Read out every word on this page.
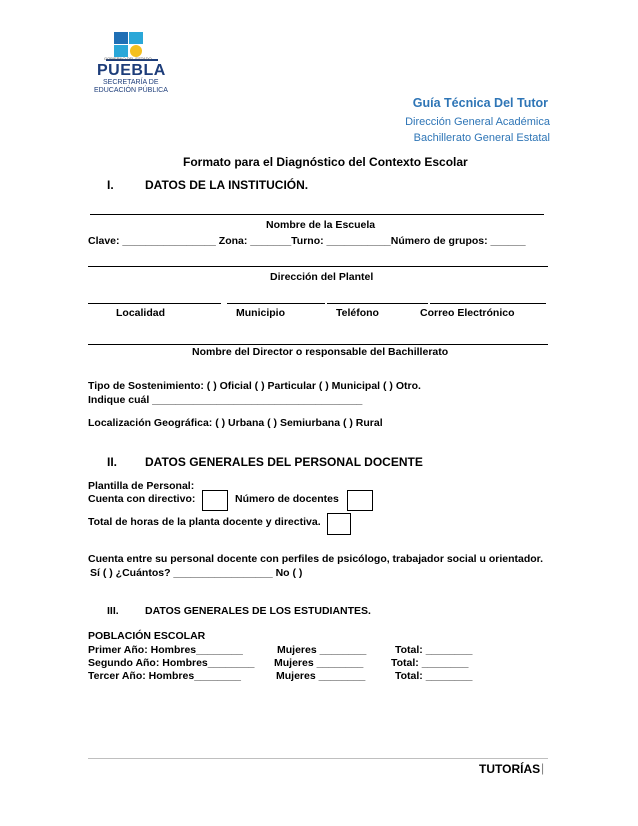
GOBIERNO DEL ESTADO
PUEBLA
SECRETARÍA DE
EDUCACIÓN PÚBLICA
Guía Técnica Del Tutor
Dirección General Académica
Bachillerato General Estatal
Formato para el Diagnóstico del Contexto Escolar
I.	DATOS DE LA INSTITUCIÓN.
Nombre de la Escuela
Clave: ________________ Zona: _______Turno: ___________Número de grupos: ______
Dirección del Plantel
Localidad	Municipio	Teléfono	Correo Electrónico
Nombre del Director o responsable del Bachillerato
Tipo de Sostenimiento: ( ) Oficial ( ) Particular ( ) Municipal ( ) Otro.
Indique cuál ____________________________________
Localización Geográfica: ( ) Urbana ( ) Semiurbana ( ) Rural
II. DATOS GENERALES DEL PERSONAL DOCENTE
Plantilla de Personal:
Cuenta con directivo:	Número de docentes
Total de horas de la planta docente y directiva.
Cuenta entre su personal docente con perfiles de psicólogo, trabajador social u orientador.
Sí ( ) ¿Cuántos? _________________ No ( )
III.	DATOS GENERALES DE LOS ESTUDIANTES.
POBLACIÓN ESCOLAR
Primer Año: Hombres________	Mujeres ________	Total: ________
Segundo Año: Hombres________ Mujeres ________	Total: ________
Tercer Año: Hombres________	Mujeres ________	Total: ________
TUTORÍAS |
